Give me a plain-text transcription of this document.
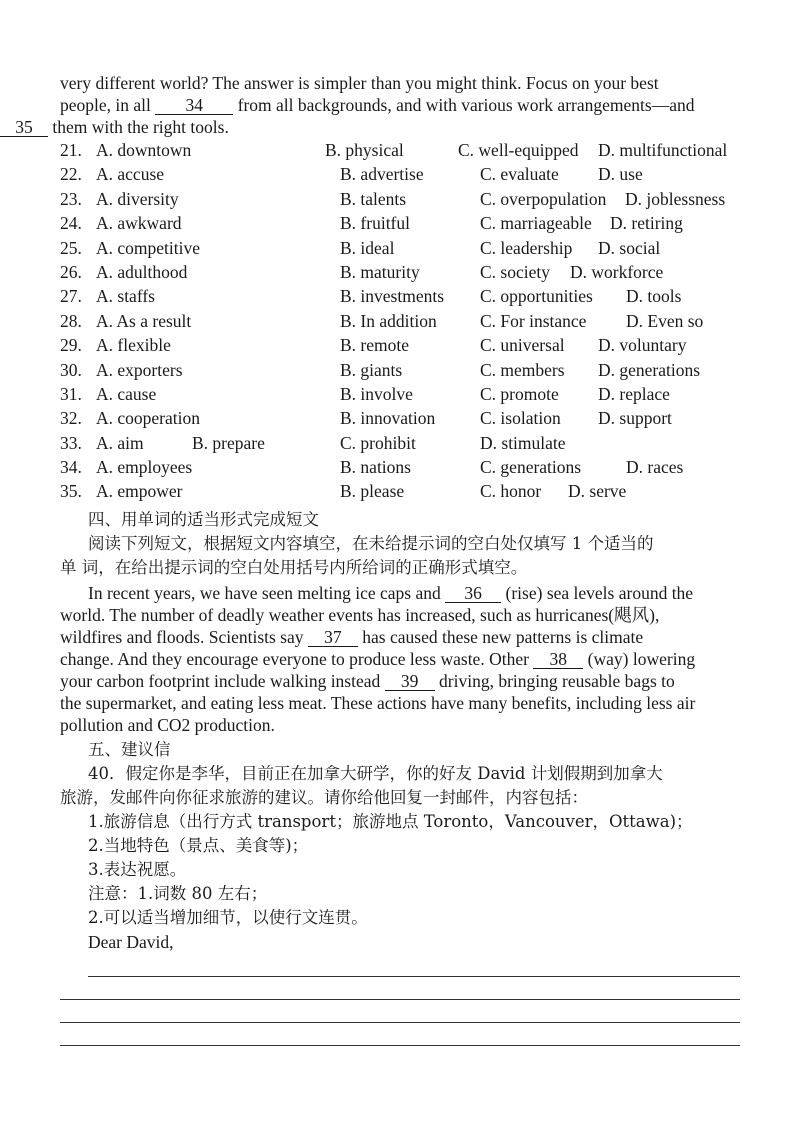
very different world? The answer is simpler than you might think. Focus on your best

people, in all 34 from all backgrounds, and with various work arrangements—and

35 them with the right tools.

21. A. downtown	B. physical	C. well-equipped D. multifunctional
22. A. accuse	B. advertise	C. evaluate D. use
23. A. diversity	B. talents	C. overpopulation D. joblessness
24. A. awkward	B. fruitful	C. marriageable D. retiring
25. A. competitive	B. ideal	C. leadership D. social
26. A. adulthood	B. maturity	C. society D. workforce
27. A. staffs	B. investments C. opportunities D. tools
28. A. As a result	B. In addition C. For instance D. Even so
29. A. flexible	B. remote	C. universal D. voluntary
30. A. exporters	B. giants	C. members D. generations
31. A. cause	B. involve	C. promote D. replace
32. A. cooperation	B. innovation	C. isolation D. support
33. A. aim	B. prepare	C. prohibit	D. stimulate
34. A. employees	B. nations	C. generations	D. races
35. A. empower	B. please	C. honor D. serve

四、用单词的适当形式完成短文

阅读下列短文，根据短文内容填空，在未给提示词的空白处仅填写 1 个适当的

单 词，在给出提示词的空白处用括号内所给词的正确形式填空。

In recent years, we have seen melting ice caps and 36 (rise) sea levels around the

world. The number of deadly weather events has increased, such as hurricanes(飓风),

wildfires and floods. Scientists say 37 has caused these new patterns is climate

change. And they encourage everyone to produce less waste. Other 38 (way) lowering

your carbon footprint include walking instead 39 driving, bringing reusable bags to

the supermarket, and eating less meat. These actions have many benefits, including less air

pollution and CO2 production.

五、建议信

40．假定你是李华，目前正在加拿大研学，你的好友 David 计划假期到加拿大

旅游，发邮件向你征求旅游的建议。请你给他回复一封邮件，内容包括：

1.旅游信息（出行方式 transport；旅游地点 Toronto，Vancouver，Ottawa)；

2.当地特色（景点、美食等)；

3.表达祝愿。

注意：1.词数 80 左右；

2.可以适当增加细节，以使行文连贯。

Dear David,
